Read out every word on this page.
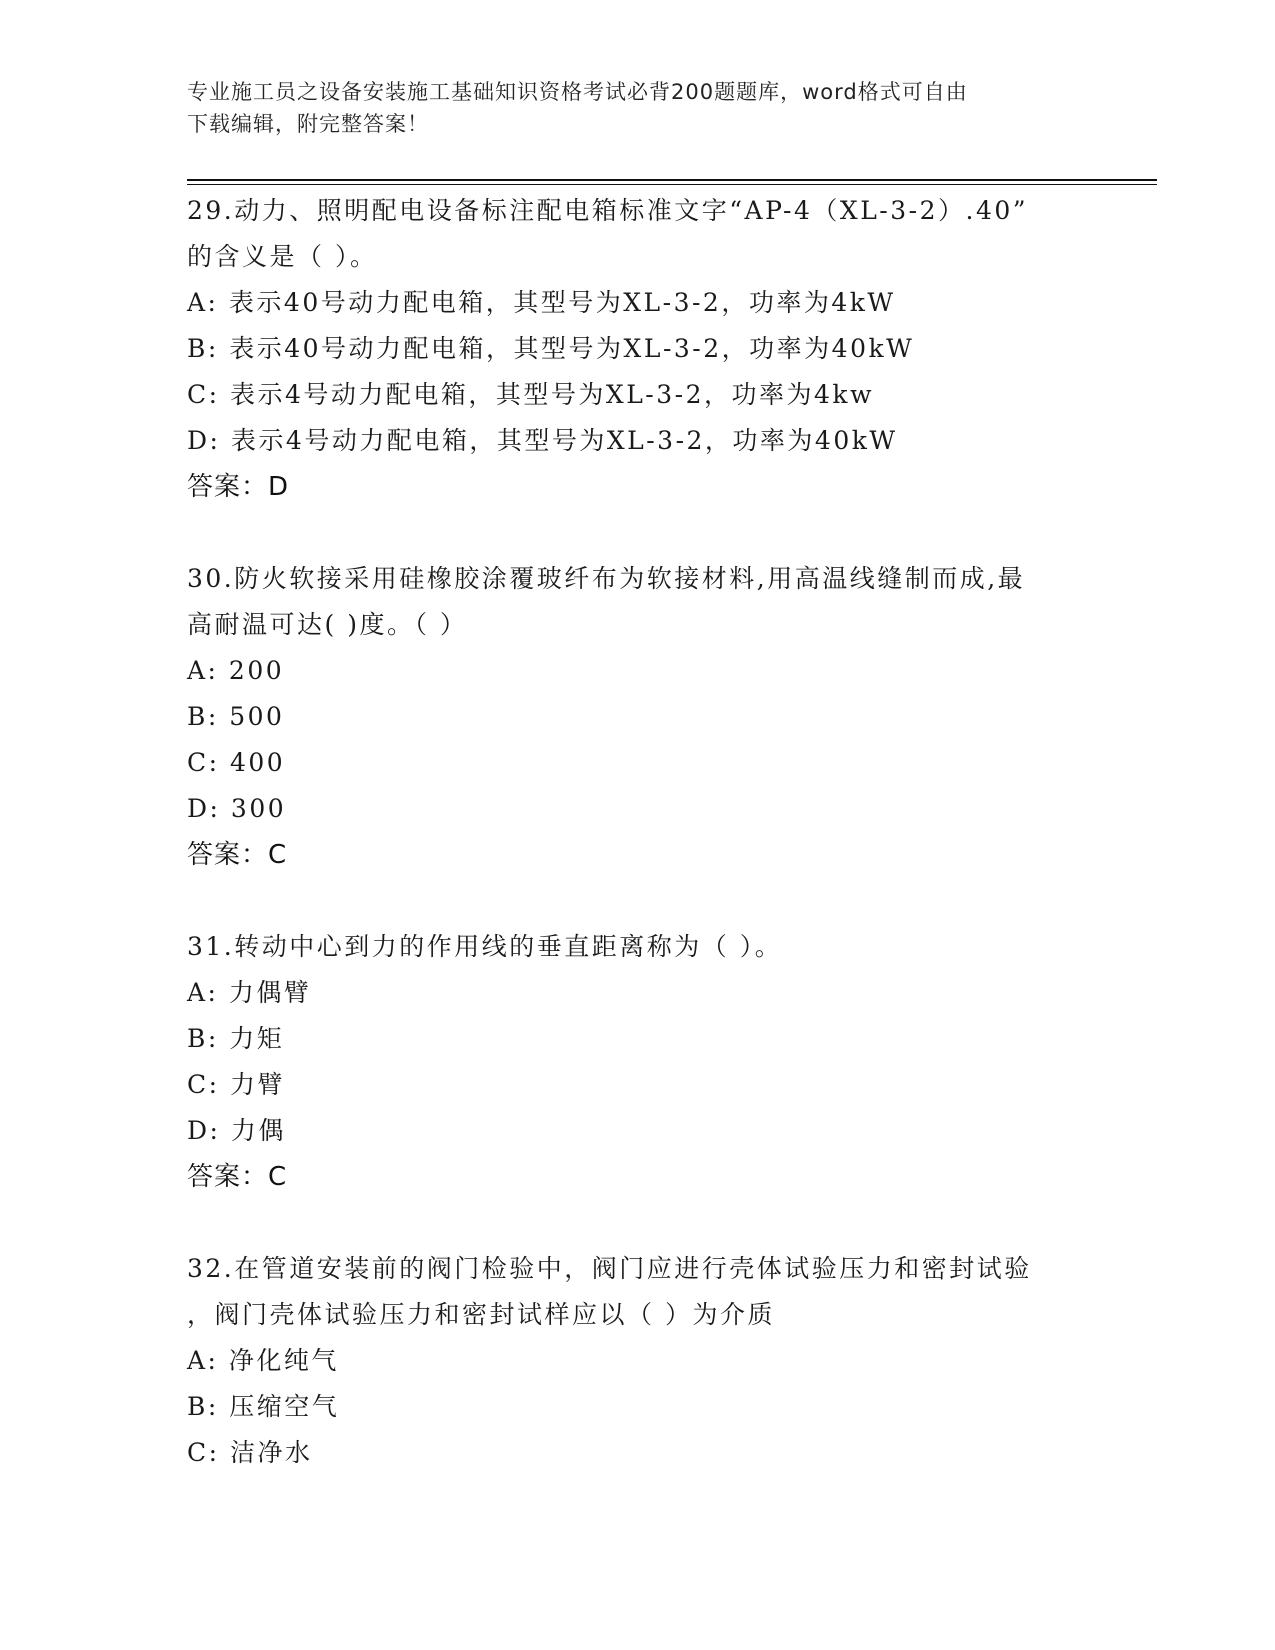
专业施工员之设备安装施工基础知识资格考试必背200题题库，word格式可自由
下载编辑，附完整答案！
29.动力、照明配电设备标注配电箱标准文字“AP-4（XL-3-2）.40”
的含义是（ ）。
A: 表示40号动力配电箱，其型号为XL-3-2，功率为4kW
B: 表示40号动力配电箱，其型号为XL-3-2，功率为40kW
C: 表示4号动力配电箱，其型号为XL-3-2，功率为4kw
D: 表示4号动力配电箱，其型号为XL-3-2，功率为40kW
答案：D
30.防火软接采用硅橡胶涂覆玻纤布为软接材料,用高温线缝制而成,最
高耐温可达( )度。（ ）
A: 200
B: 500
C: 400
D: 300
答案：C
31.转动中心到力的作用线的垂直距离称为（ ）。
A: 力偶臂
B: 力矩
C: 力臂
D: 力偶
答案：C
32.在管道安装前的阀门检验中，阀门应进行壳体试验压力和密封试验
，阀门壳体试验压力和密封试样应以（ ）为介质
A: 净化纯气
B: 压缩空气
C: 洁净水
